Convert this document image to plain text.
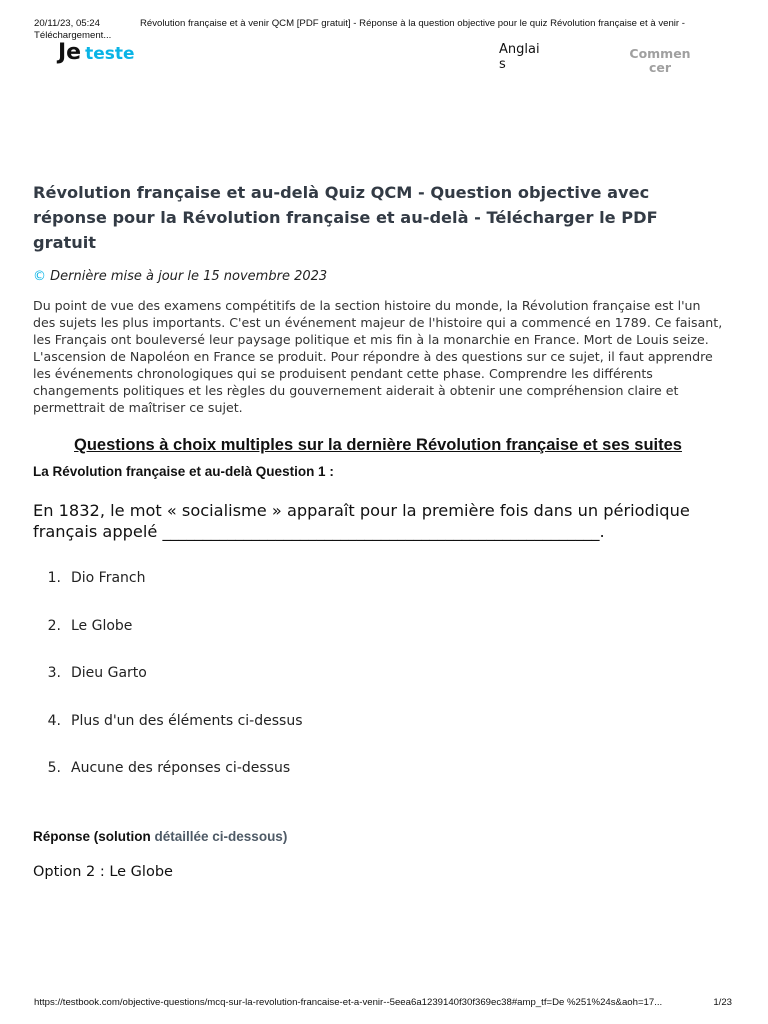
20/11/23, 05:24	Révolution française et à venir QCM [PDF gratuit] - Réponse à la question objective pour le quiz Révolution française et à venir -
Téléchargement...
Je teste	Anglais
Commencer
Révolution française et au-delà Quiz QCM - Question objective avec réponse pour la Révolution française et au-delà - Télécharger le PDF gratuit
© Dernière mise à jour le 15 novembre 2023

Du point de vue des examens compétitifs de la section histoire du monde, la Révolution française est l'un des sujets les plus importants. C'est un événement majeur de l'histoire qui a commencé en 1789. Ce faisant, les Français ont bouleversé leur paysage politique et mis fin à la monarchie en France. Mort de Louis seize. L'ascension de Napoléon en France se produit. Pour répondre à des questions sur ce sujet, il faut apprendre les événements chronologiques qui se produisent pendant cette phase. Comprendre les différents changements politiques et les règles du gouvernement aiderait à obtenir une compréhension claire et permettrait de maîtriser ce sujet.

Questions à choix multiples sur la dernière Révolution française et ses suites
La Révolution française et au-delà Question 1 :
En 1832, le mot « socialisme » apparaît pour la première fois dans un périodique français appelé ______________________________________________________.
1. Dio Franch
2. Le Globe
3. Dieu Garto
4. Plus d'un des éléments ci-dessus
5. Aucune des réponses ci-dessus
Réponse (solution détaillée ci-dessous)
Option 2 : Le Globe
https://testbook.com/objective-questions/mcq-sur-la-revolution-francaise-et-a-venir--5eea6a1239140f30f369ec38#amp_tf=De %251%24s&aoh=17...	1/23
